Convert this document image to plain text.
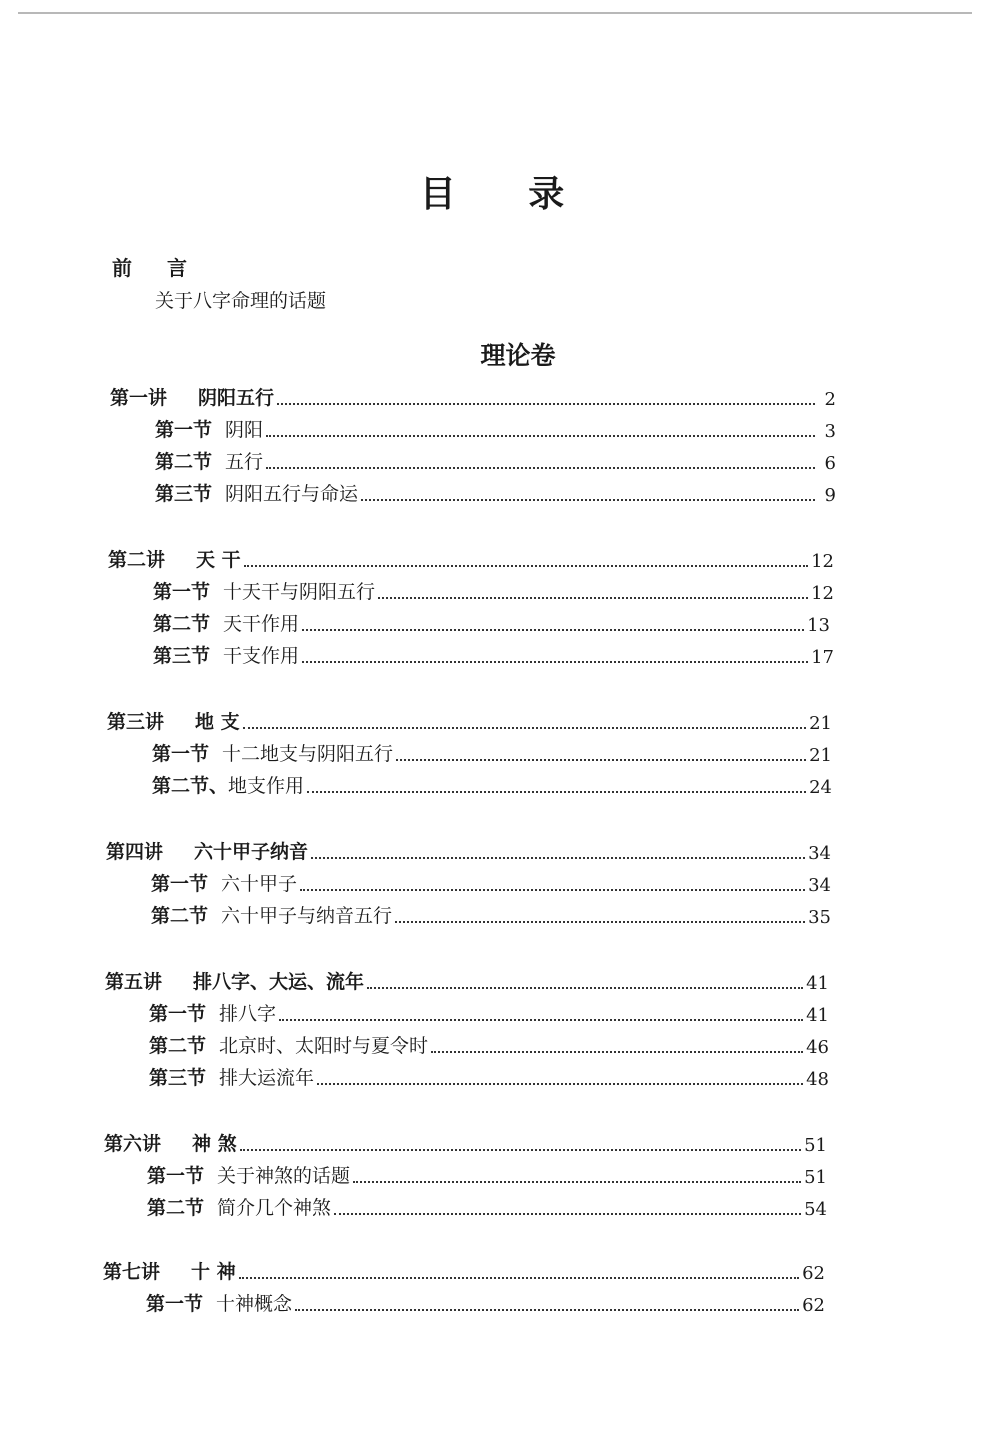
目 录
前 言
关于八字命理的话题
理论卷
第一讲 阴阳五行	2
第一节 阴阳	3
第二节 五行	6
第三节 阴阳五行与命运	9
第二讲 天 干	12
第一节 十天干与阴阳五行	12
第二节 天干作用	13
第三节 干支作用	17
第三讲 地 支	21
第一节 十二地支与阴阳五行	21
第二节、地支作用	24
第四讲 六十甲子纳音	34
第一节 六十甲子	34
第二节 六十甲子与纳音五行	35
第五讲 排八字、大运、流年	41
第一节 排八字	41
第二节 北京时、太阳时与夏令时	46
第三节 排大运流年	48
第六讲 神 煞	51
第一节 关于神煞的话题	51
第二节 简介几个神煞	54
第七讲 十 神	62
第一节 十神概念	62
